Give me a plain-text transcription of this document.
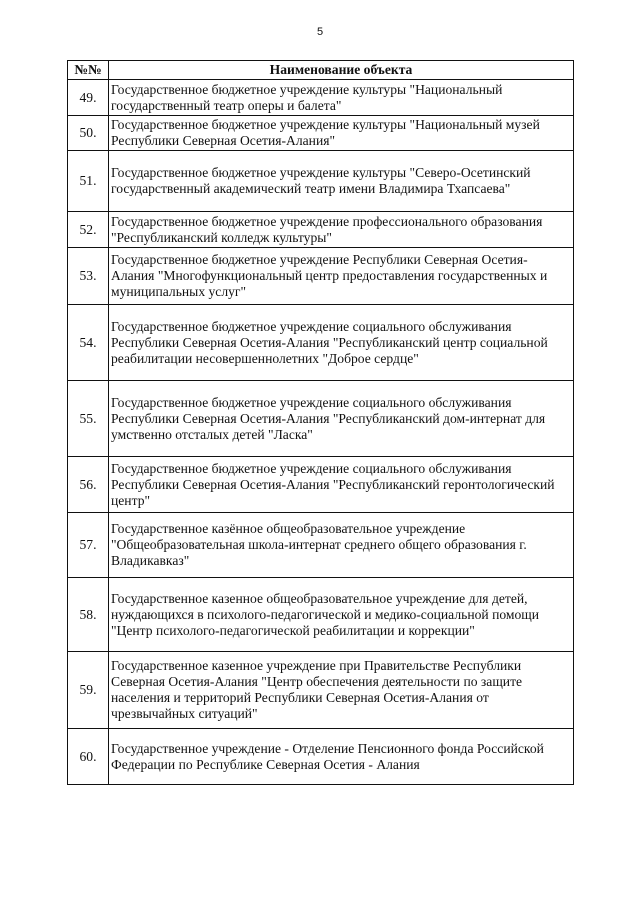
5
№№	Наименование объекта
49.	Государственное бюджетное учреждение культуры "Национальный государственный театр оперы и балета"
50.	Государственное бюджетное учреждение культуры "Национальный музей Республики Северная Осетия-Алания"
51.	Государственное бюджетное учреждение культуры "Северо-Осетинский государственный академический театр имени Владимира Тхапсаева"
52.	Государственное бюджетное учреждение профессионального образования "Республиканский колледж культуры"
53.	Государственное бюджетное учреждение Республики Северная Осетия-Алания "Многофункциональный центр предоставления государственных и муниципальных услуг"
54.	Государственное бюджетное учреждение социального обслуживания Республики Северная Осетия-Алания "Республиканский центр социальной реабилитации несовершеннолетних "Доброе сердце"
55.	Государственное бюджетное учреждение социального обслуживания Республики Северная Осетия-Алания "Республиканский дом-интернат для умственно отсталых детей "Ласка"
56.	Государственное бюджетное учреждение социального обслуживания Республики Северная Осетия-Алания "Республиканский геронтологический центр"
57.	Государственное казённое общеобразовательное учреждение "Общеобразовательная школа-интернат среднего общего образования г. Владикавказ"
58.	Государственное казенное общеобразовательное учреждение для детей, нуждающихся в психолого-педагогической и медико-социальной помощи "Центр психолого-педагогической реабилитации и коррекции"
59.	Государственное казенное учреждение при Правительстве Республики Северная Осетия-Алания "Центр обеспечения деятельности по защите населения и территорий Республики Северная Осетия-Алания от чрезвычайных ситуаций"
60.	Государственное учреждение - Отделение Пенсионного фонда Российской Федерации по Республике Северная Осетия - Алания
